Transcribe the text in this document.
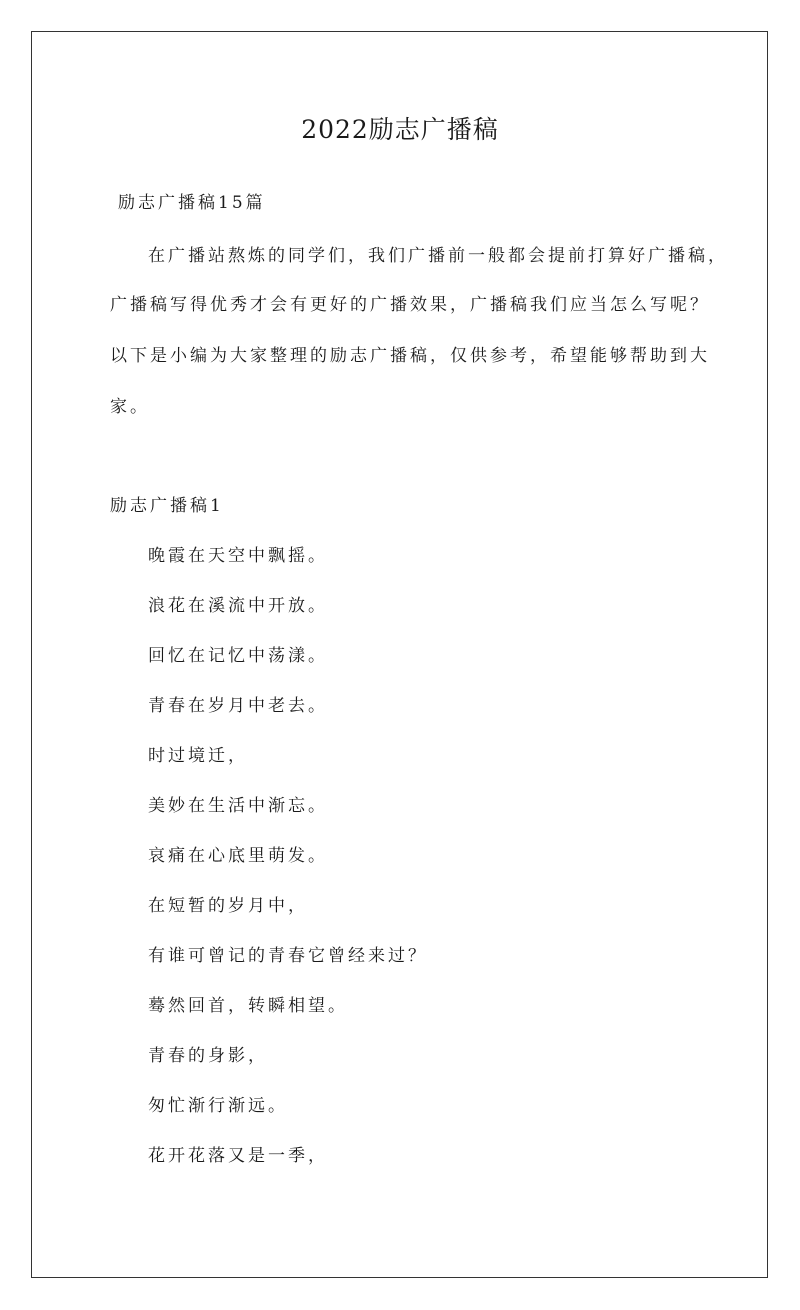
2022励志广播稿
励志广播稿15篇
在广播站熬炼的同学们，我们广播前一般都会提前打算好广播稿，
广播稿写得优秀才会有更好的广播效果，广播稿我们应当怎么写呢？
以下是小编为大家整理的励志广播稿，仅供参考，希望能够帮助到大
家。
励志广播稿1
晚霞在天空中飘摇。
浪花在溪流中开放。
回忆在记忆中荡漾。
青春在岁月中老去。
时过境迁，
美妙在生活中渐忘。
哀痛在心底里萌发。
在短暂的岁月中，
有谁可曾记的青春它曾经来过？
蓦然回首，转瞬相望。
青春的身影，
匆忙渐行渐远。
花开花落又是一季，
